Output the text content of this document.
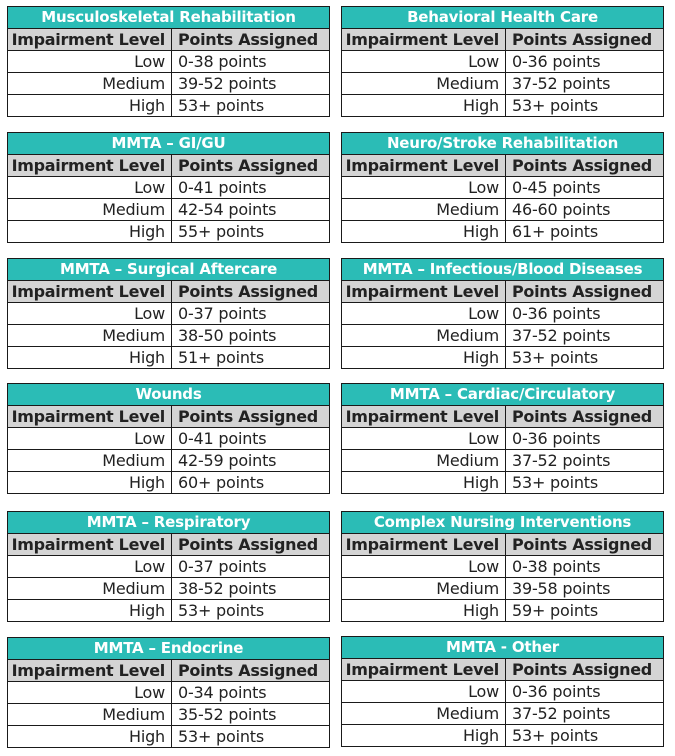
Musculoskeletal Rehabilitation	
Impairment Level	Points Assigned
Low	0-38 points
Medium	39-52 points
High	53+ points
Behavioral Health Care	
Impairment Level	Points Assigned
Low	0-36 points
Medium	37-52 points
High	53+ points
MMTA – GI/GU	
Impairment Level	Points Assigned
Low	0-41 points
Medium	42-54 points
High	55+ points
Neuro/Stroke Rehabilitation	
Impairment Level	Points Assigned
Low	0-45 points
Medium	46-60 points
High	61+ points
MMTA – Surgical Aftercare	
Impairment Level	Points Assigned
Low	0-37 points
Medium	38-50 points
High	51+ points
MMTA – Infectious/Blood Diseases	
Impairment Level	Points Assigned
Low	0-36 points
Medium	37-52 points
High	53+ points
Wounds	
Impairment Level	Points Assigned
Low	0-41 points
Medium	42-59 points
High	60+ points
MMTA – Cardiac/Circulatory	
Impairment Level	Points Assigned
Low	0-36 points
Medium	37-52 points
High	53+ points
MMTA – Respiratory	
Impairment Level	Points Assigned
Low	0-37 points
Medium	38-52 points
High	53+ points
Complex Nursing Interventions	
Impairment Level	Points Assigned
Low	0-38 points
Medium	39-58 points
High	59+ points
MMTA – Endocrine	
Impairment Level	Points Assigned
Low	0-34 points
Medium	35-52 points
High	53+ points
MMTA - Other	
Impairment Level	Points Assigned
Low	0-36 points
Medium	37-52 points
High	53+ points
